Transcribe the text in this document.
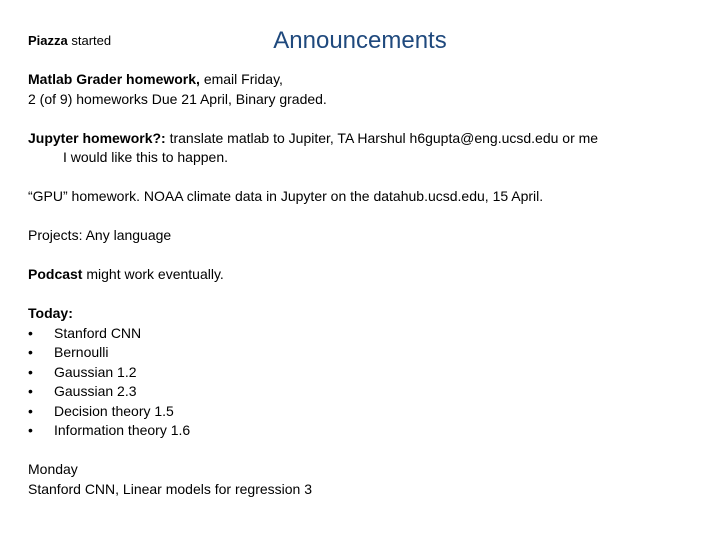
Announcements
Piazza started
Matlab Grader homework, email Friday,
2 (of 9) homeworks Due 21 April, Binary graded.
Jupyter homework?: translate matlab to Jupiter, TA Harshul h6gupta@eng.ucsd.edu or me
I would like this to happen.
“GPU” homework. NOAA climate data in Jupyter on the datahub.ucsd.edu, 15 April.
Projects: Any language
Podcast might work eventually.
Today:
• Stanford CNN
• Bernoulli
• Gaussian 1.2
• Gaussian 2.3
• Decision theory 1.5
• Information theory 1.6
Monday
Stanford CNN, Linear models for regression 3
